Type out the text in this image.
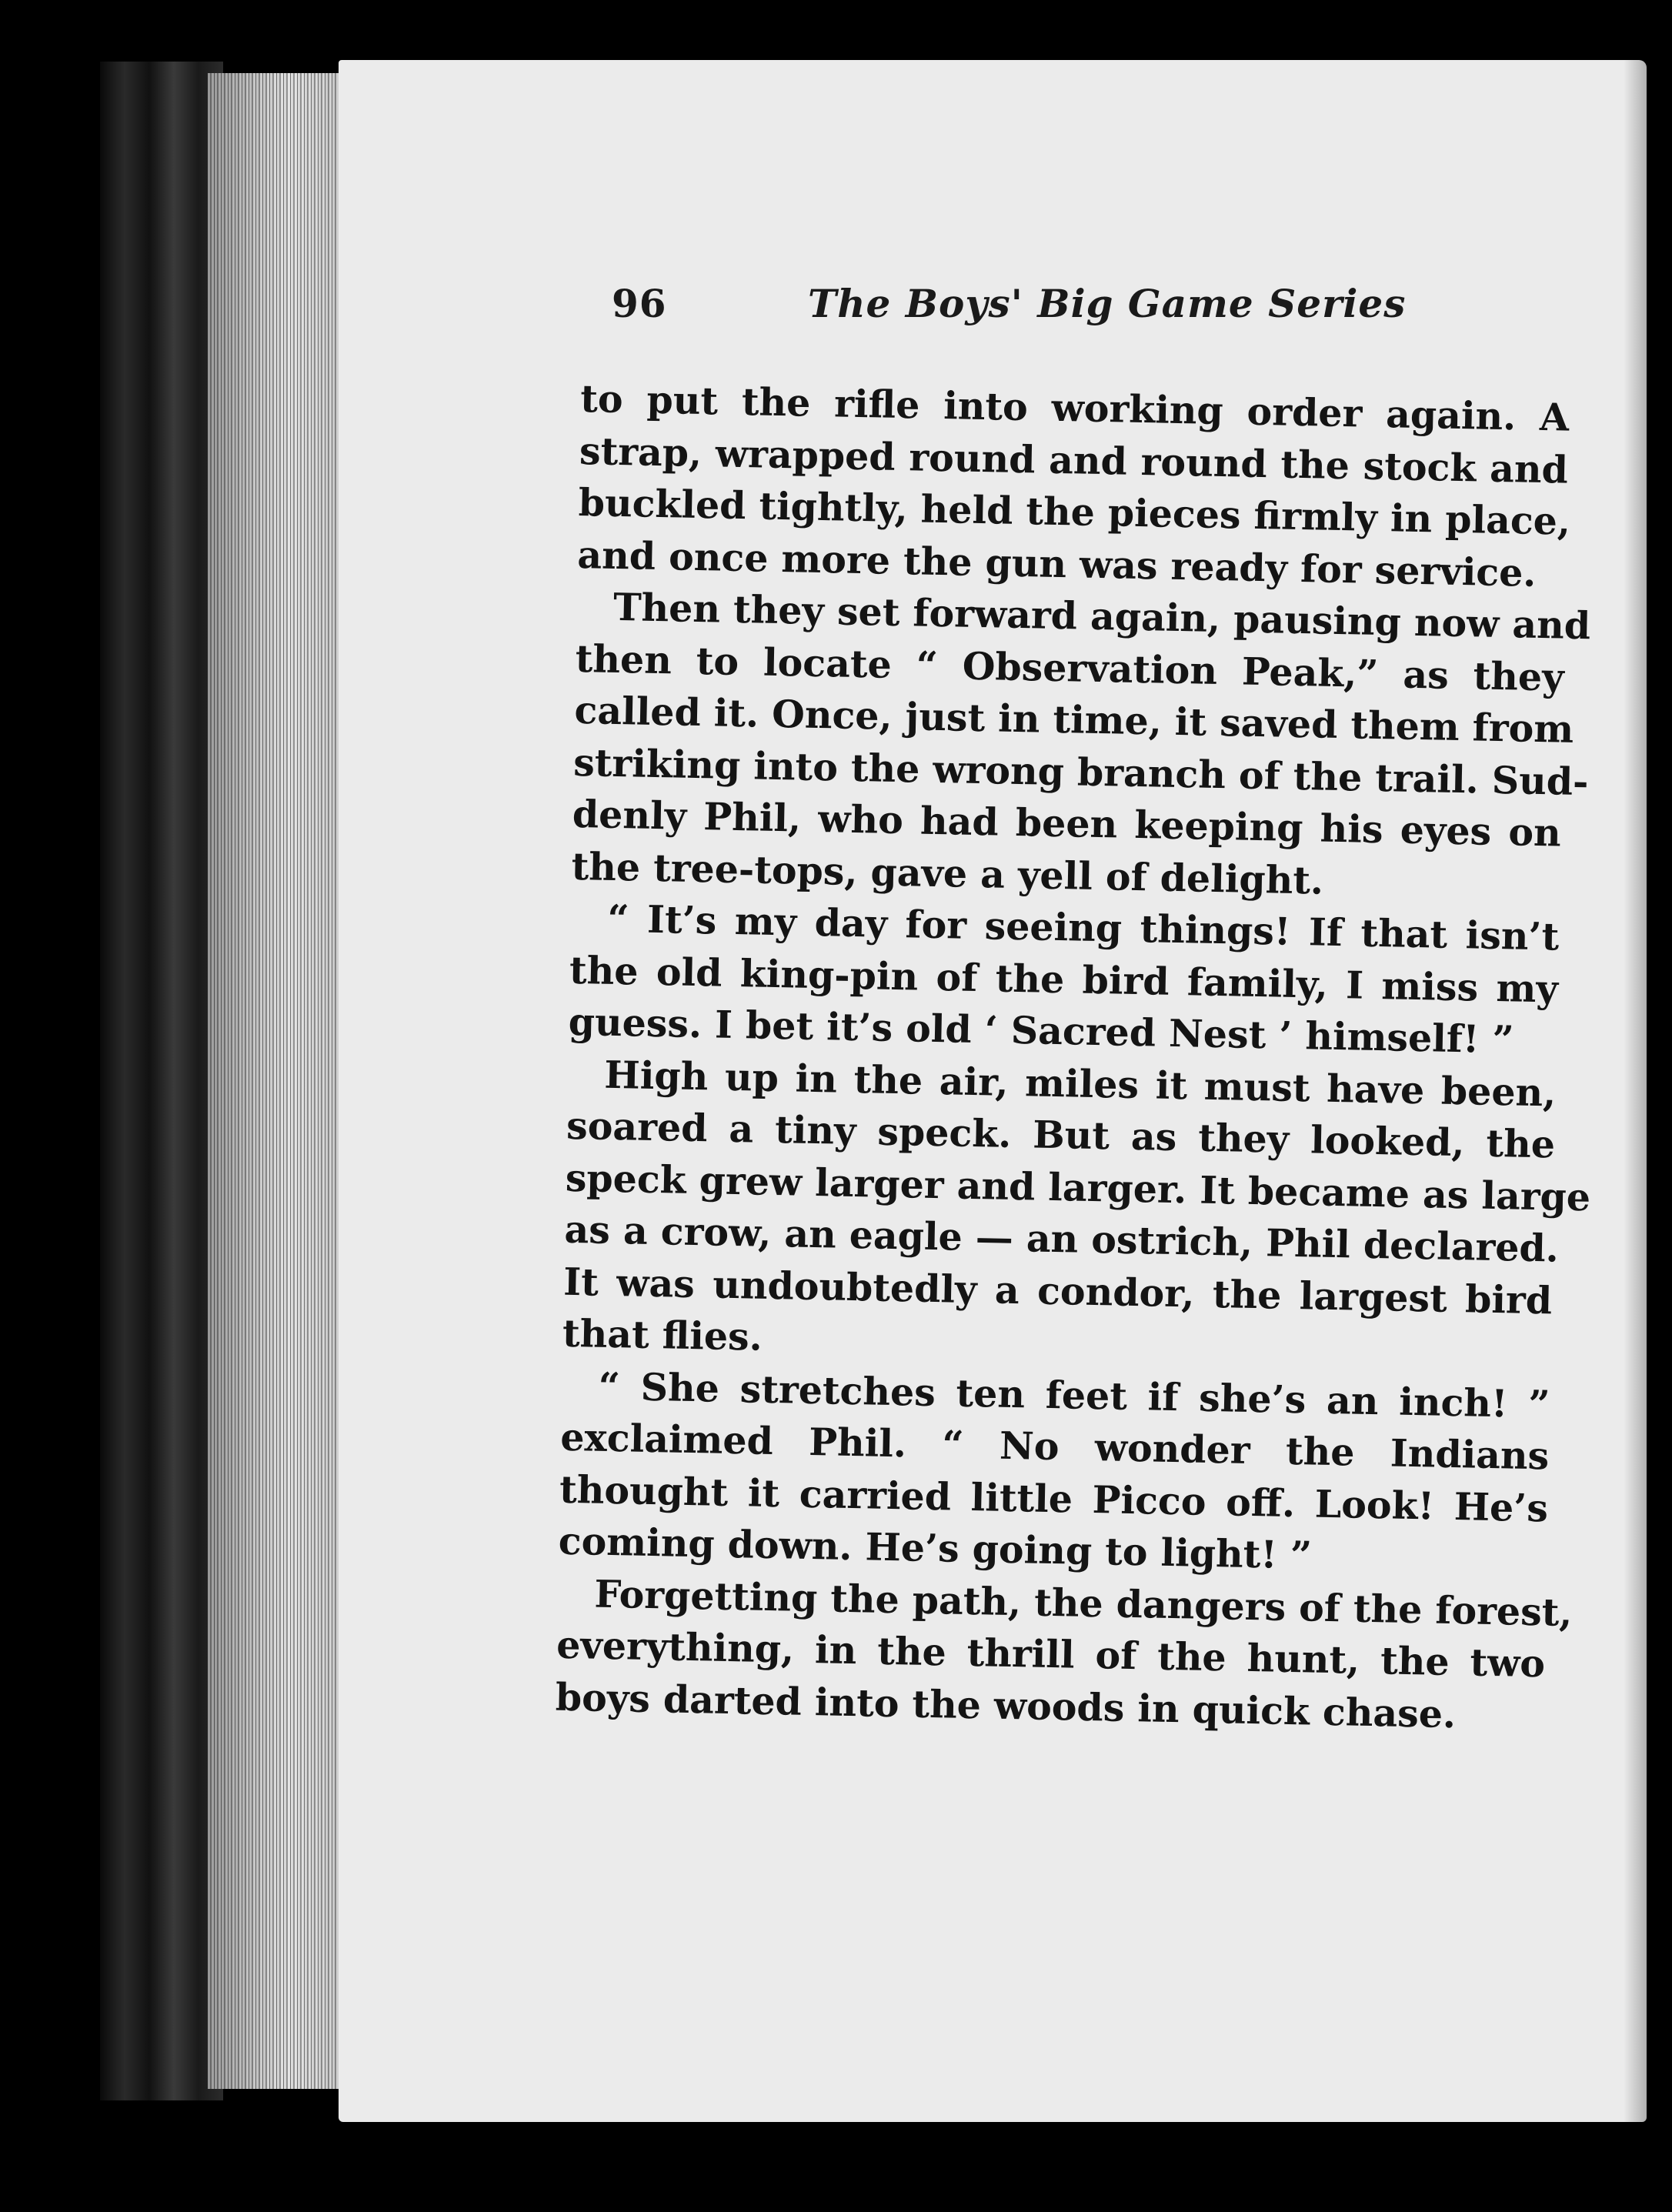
96	The Boys' Big Game Series
to put the rifle into working order again. A
strap, wrapped round and round the stock and
buckled tightly, held the pieces firmly in place,
and once more the gun was ready for service.
Then they set forward again, pausing now and
then to locate “ Observation Peak,” as they
called it. Once, just in time, it saved them from
striking into the wrong branch of the trail. Sud-
denly Phil, who had been keeping his eyes on
the tree-tops, gave a yell of delight.
“ It’s my day for seeing things! If that isn’t
the old king-pin of the bird family, I miss my
guess. I bet it’s old ‘ Sacred Nest ’ himself! ”
High up in the air, miles it must have been,
soared a tiny speck. But as they looked, the
speck grew larger and larger. It became as large
as a crow, an eagle — an ostrich, Phil declared.
It was undoubtedly a condor, the largest bird
that flies.
“ She stretches ten feet if she’s an inch! ”
exclaimed Phil. “ No wonder the Indians
thought it carried little Picco off. Look! He’s
coming down. He’s going to light! ”
Forgetting the path, the dangers of the forest,
everything, in the thrill of the hunt, the two
boys darted into the woods in quick chase.
